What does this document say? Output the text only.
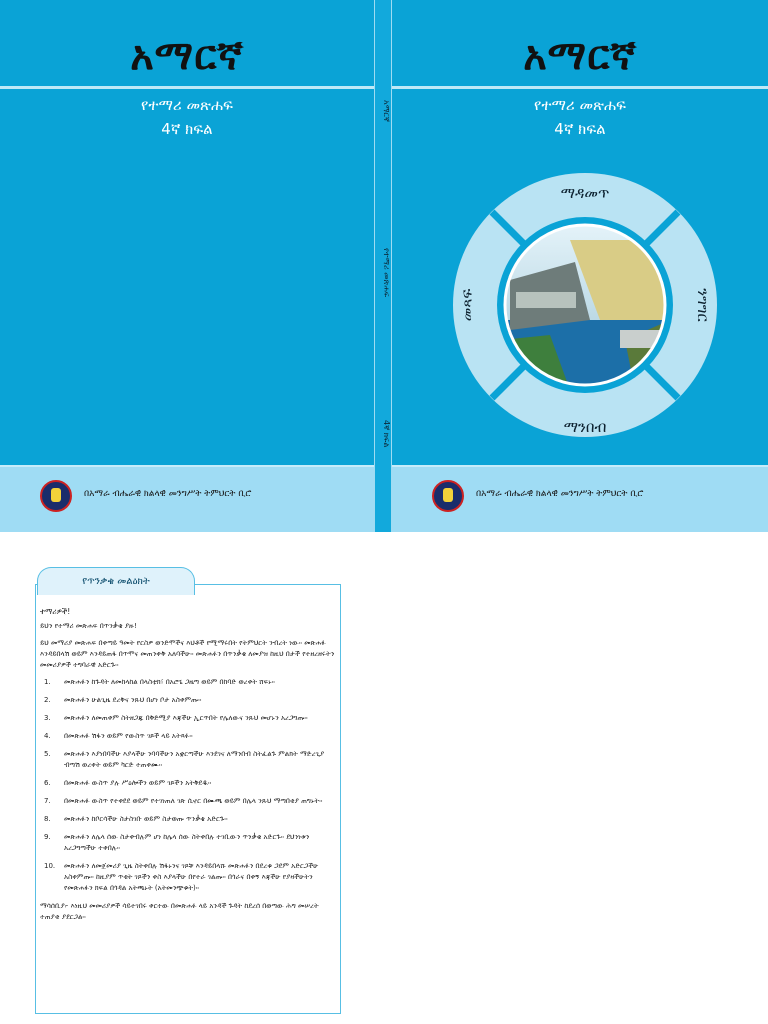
አማርኛ
የተማሪ መጽሐፍ
4ኛ ክፍል
በአማራ ብሔራዊ ክልላዊ መንግሥት ትምህርት ቢሮ
አማርኛ
የተማሪ መጽሐፍ
4ኛ ክፍል
አማርኛ
የተማሪ መጽሐፍ
4ኛ ክፍል
በአማራ ብሔራዊ ክልላዊ መንግሥት ትምህርት ቢሮ
ማዳመጥ
ማንበብ
መጻፍ	ንግግር
የጥንቃቄ መልዕክት

ተማሪዎች!

ይህን የተማሪ መጽሐፍ በጥንቃቄ ያዙ!

ይህ መማሪያ መጽሐፍ በቀጣይ ዓመት የርስዎ ወንድሞችና እህቶች የሚማሩበት የትምህርት ንብረት ነው፡፡ መጽሐፉ እንዳይበላሽ ወይም እንዳይጠፋ በጥሞና መጠንቀቅ አለባችሁ፡፡ መጽሐፉን በጥንቃቄ ለመያዝ ከዚህ በታች የተዘረዘሩትን መመሪያዎች ተግባራዊ አድርጉ፡፡

1. መጽሐፉን ከጉዳት ለመከላከል በላስቲክ፣ በአሮጌ ጋዜጣ ወይም በከባድ ወረቀት ሸፍኑ፡፡
2. መጽሐፉን ሁልጊዜ ደረቅና ንጹህ በሆነ ቦታ አስቀምጡ፡፡
3. መጽሐፉን ለመጠቀም ስትዘጋጁ በቅድሚያ እጃችሁ ኢርጥበት የሌለውና ንጹህ መሆኑን አረጋግጡ፡፡
4. በመጽሐፉ ሽፋን ወይም የውስጥ ገጾች ላይ አትጻፉ፡፡
5. መጽሐፉን እያነበባችሁ እያላችሁ ንባባችሁን አቋርጣችሁ እንደገና ለማንበብ ስትፈልጉ ምልክት ማድረጊያ ብጣሽ ወረቀት ወይም ካርድ ተጠቀሙ፡፡
6. በመጽሐፉ ውስጥ ያሉ ሥዕሎችን ወይም ገጾችን አትቅደዱ፡፡
7. በመጽሐፉ ውስጥ የተቀደደ ወይም የተገነጠለ ገጽ ሲኖር በሙጫ ወይም በሌላ ንጹህ ማጣበቂያ ጠግኑት፡፡
8. መጽሐፉን ከቦርሳችሁ ስታስገቡ ወይም ስታወጡ ጥንቃቄ አድርጉ፡፡
9. መጽሐፉን ለሌላ ሰው ስታቀብሉም ሆነ ከሌላ ሰው ስትቀበሉ ተገቢውን ጥንቃቄ አድርጉ፡፡ ደህንነቱን አረጋግጣችሁ ተቀበሉ፡፡
10. መጽሐፉን ለመጀመሪያ ጊዜ ስትቀበሉ ሽፋኑንና ገጾቹ እንዳይበላሹ መጽሐፉን በደረቁ ጋደም አድርጋችሁ አስቀምጡ፡፡ ከዚያም ጥቂት ገጾችን ቀስ እያላችሁ በየተራ ገልጡ፡፡ በጎራና በቀኝ እጃችሁ የያዛችሁትን የመጽሐፉን ክፍል በጎዳል አትጫኑት (አትመንጭቁት)፡፡

ማሳሰቢያ፦ እነዚህ መመሪያዎች ሳይተገበሩ ቀርተው በመጽሐፉ ላይ አንዳች ጉዳት ከደረሰ በወጣው ሕግ መሠረት ተጠያቂ ያደርጋል፡፡
